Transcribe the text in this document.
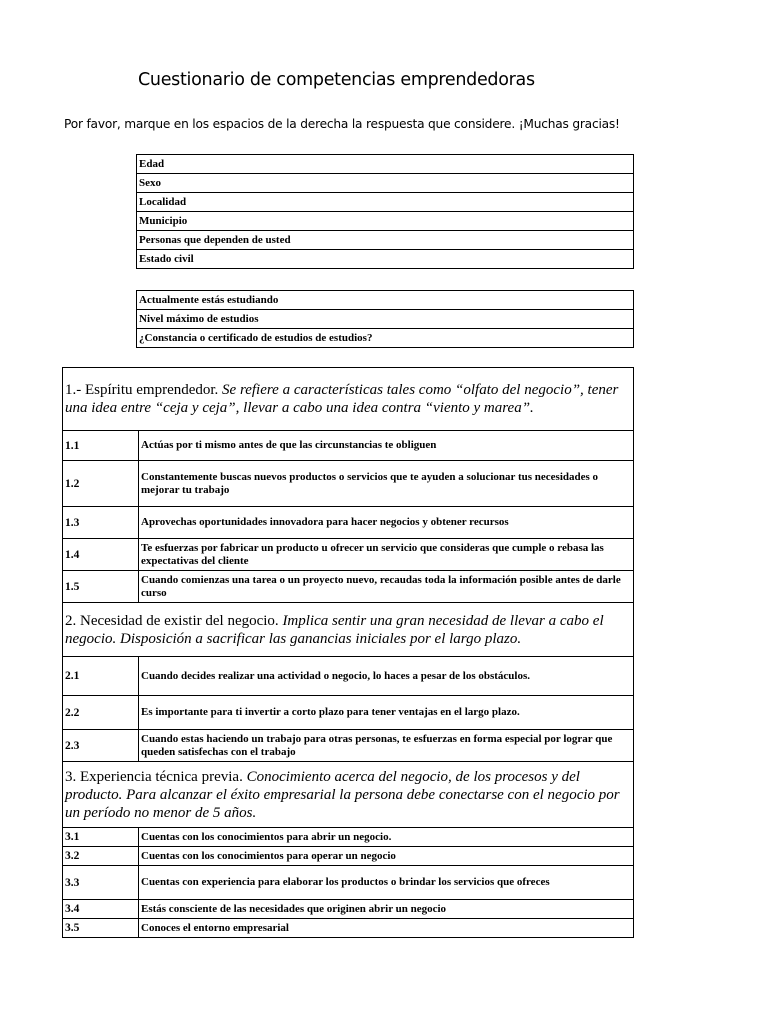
Cuestionario de competencias emprendedoras

Por favor, marque en los espacios de la derecha la respuesta que considere. ¡Muchas gracias!

Edad
Sexo
Localidad
Municipio
Personas que dependen de usted
Estado civil
Actualmente estás estudiando
Nivel máximo de estudios
¿Constancia o certificado de estudios de estudios?
1.- Espíritu emprendedor. Se refiere a características tales como “olfato del negocio”, tener una idea entre “ceja y ceja”, llevar a cabo una idea contra “viento y marea”.	
1.1	Actúas por ti mismo antes de que las circunstancias te obliguen
1.2	Constantemente buscas nuevos productos o servicios que te ayuden a solucionar tus necesidades o mejorar tu trabajo
1.3	Aprovechas oportunidades innovadora para hacer negocios y obtener recursos
1.4	Te esfuerzas por fabricar un producto u ofrecer un servicio que consideras que cumple o rebasa las expectativas del cliente
1.5	Cuando comienzas una tarea o un proyecto nuevo, recaudas toda la información posible antes de darle curso
2. Necesidad de existir del negocio. Implica sentir una gran necesidad de llevar a cabo el negocio. Disposición a sacrificar las ganancias iniciales por el largo plazo.	
2.1	Cuando decides realizar una actividad o negocio, lo haces a pesar de los obstáculos.
2.2	Es importante para ti invertir a corto plazo para tener ventajas en el largo plazo.
2.3	Cuando estas haciendo un trabajo para otras personas, te esfuerzas en forma especial por lograr que queden satisfechas con el trabajo
3. Experiencia técnica previa. Conocimiento acerca del negocio, de los procesos y del producto. Para alcanzar el éxito empresarial la persona debe conectarse con el negocio por un período no menor de 5 años.	
3.1	Cuentas con los conocimientos para abrir un negocio.
3.2	Cuentas con los conocimientos para operar un negocio
3.3	Cuentas con experiencia para elaborar los productos o brindar los servicios que ofreces
3.4	Estás consciente de las necesidades que originen abrir un negocio
3.5	Conoces el entorno empresarial
